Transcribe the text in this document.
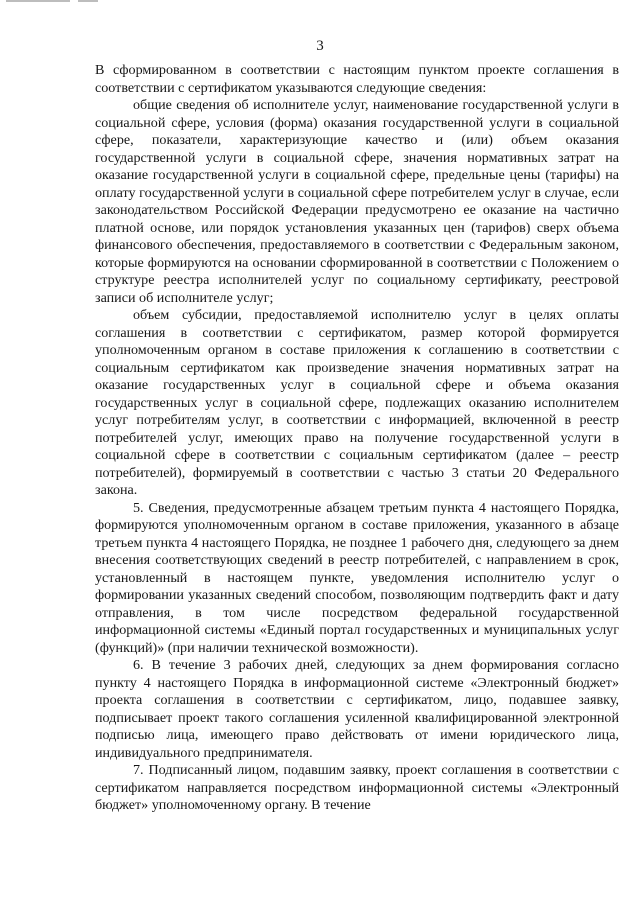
3

В сформированном в соответствии с настоящим пунктом проекте соглашения в соответствии с сертификатом указываются следующие сведения:

общие сведения об исполнителе услуг, наименование государственной услуги в социальной сфере, условия (форма) оказания государственной услуги в социальной сфере, показатели, характеризующие качество и (или) объем оказания государственной услуги в социальной сфере, значения нормативных затрат на оказание государственной услуги в социальной сфере, предельные цены (тарифы) на оплату государственной услуги в социальной сфере потребителем услуг в случае, если законодательством Российской Федерации предусмотрено ее оказание на частично платной основе, или порядок установления указанных цен (тарифов) сверх объема финансового обеспечения, предоставляемого в соответствии с Федеральным законом, которые формируются на основании сформированной в соответствии с Положением о структуре реестра исполнителей услуг по социальному сертификату, реестровой записи об исполнителе услуг;

объем субсидии, предоставляемой исполнителю услуг в целях оплаты соглашения в соответствии с сертификатом, размер которой формируется уполномоченным органом в составе приложения к соглашению в соответствии с социальным сертификатом как произведение значения нормативных затрат на оказание государственных услуг в социальной сфере и объема оказания государственных услуг в социальной сфере, подлежащих оказанию исполнителем услуг потребителям услуг, в соответствии с информацией, включенной в реестр потребителей услуг, имеющих право на получение государственной услуги в социальной сфере в соответствии с социальным сертификатом (далее – реестр потребителей), формируемый в соответствии с частью 3 статьи 20 Федерального закона.

5. Сведения, предусмотренные абзацем третьим пункта 4 настоящего Порядка, формируются уполномоченным органом в составе приложения, указанного в абзаце третьем пункта 4 настоящего Порядка, не позднее 1 рабочего дня, следующего за днем внесения соответствующих сведений в реестр потребителей, с направлением в срок, установленный в настоящем пункте, уведомления исполнителю услуг о формировании указанных сведений способом, позволяющим подтвердить факт и дату отправления, в том числе посредством федеральной государственной информационной системы «Единый портал государственных и муниципальных услуг (функций)» (при наличии технической возможности).

6. В течение 3 рабочих дней, следующих за днем формирования согласно пункту 4 настоящего Порядка в информационной системе «Электронный бюджет» проекта соглашения в соответствии с сертификатом, лицо, подавшее заявку, подписывает проект такого соглашения усиленной квалифицированной электронной подписью лица, имеющего право действовать от имени юридического лица, индивидуального предпринимателя.

7. Подписанный лицом, подавшим заявку, проект соглашения в соответствии с сертификатом направляется посредством информационной системы «Электронный бюджет» уполномоченному органу. В течение
